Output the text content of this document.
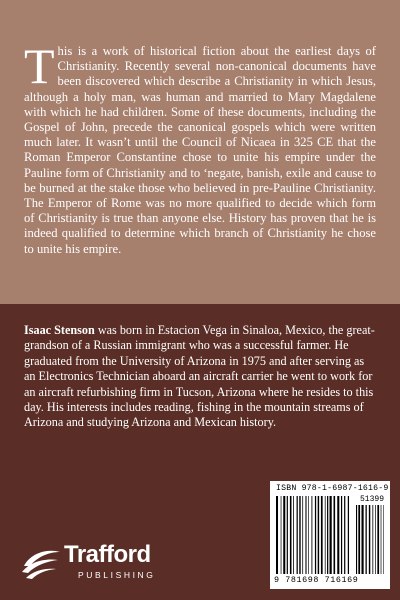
This is a work of historical fiction about the earliest days of Christianity. Recently several non-canonical documents have been discovered which describe a Christianity in which Jesus, although a holy man, was human and married to Mary Magdalene with which he had children. Some of these documents, including the Gospel of John, precede the canonical gospels which were written much later. It wasn’t until the Council of Nicaea in 325 CE that the Roman Emperor Constantine chose to unite his empire under the Pauline form of Christianity and to ‘negate, banish, exile and cause to be burned at the stake those who believed in pre-Pauline Christianity. The Emperor of Rome was no more qualified to decide which form of Christianity is true than anyone else. History has proven that he is indeed qualified to determine which branch of Christianity he chose to unite his empire.

Isaac Stenson was born in Estacion Vega in Sinaloa, Mexico, the great-grandson of a Russian immigrant who was a successful farmer. He graduated from the University of Arizona in 1975 and after serving as an Electronics Technician aboard an aircraft carrier he went to work for an aircraft refurbishing firm in Tucson, Arizona where he resides to this day. His interests includes reading, fishing in the mountain streams of Arizona and studying Arizona and Mexican history.

Trafford
PUBLISHING
ISBN 978-1-6987-1616-9
51399
9 781698 716169
